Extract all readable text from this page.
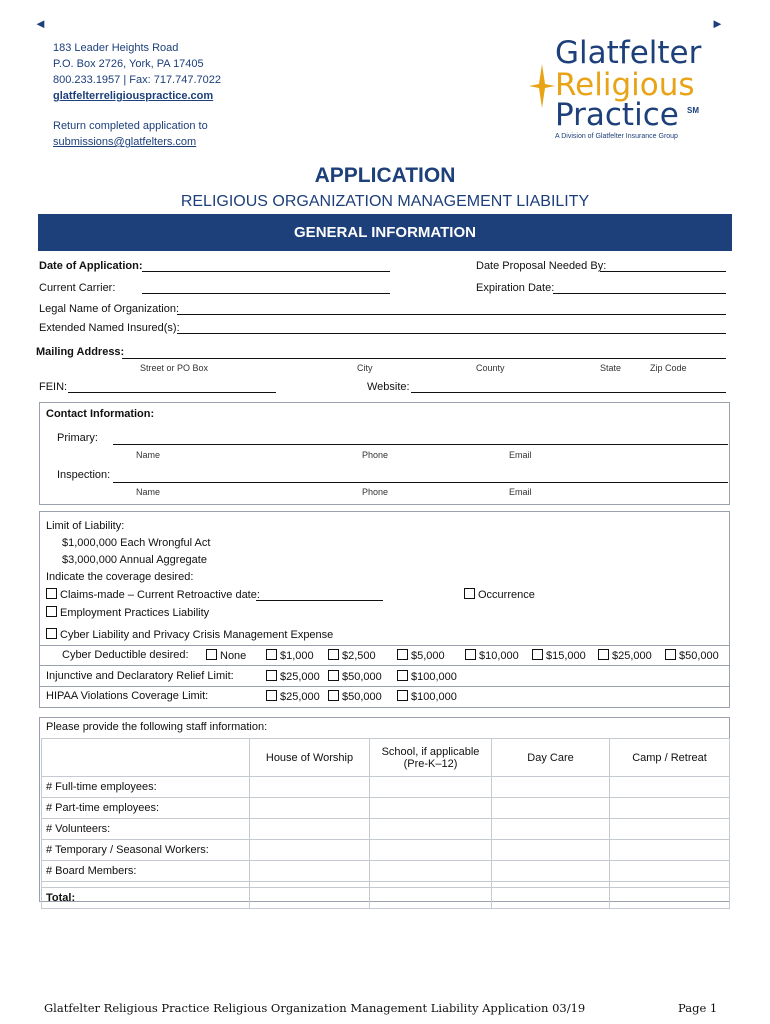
◄	►
183 Leader Heights Road
P.O. Box 2726, York, PA 17405
800.233.1957 | Fax: 717.747.7022
glatfelterreligiouspractice.com
Return completed application to
submissions@glatfelters.com
Glatfelter
Religious
Practice SM
A Division of Glatfelter Insurance Group
APPLICATION
RELIGIOUS ORGANIZATION MANAGEMENT LIABILITY
GENERAL INFORMATION
Date of Application:	Date Proposal Needed By:
Current Carrier:	Expiration Date:
Legal Name of Organization:
Extended Named Insured(s):
Mailing Address:
Street or PO Box	City	County	State	Zip Code
FEIN:	Website:
Contact Information:
Primary:
Name	Phone	Email
Inspection:
Name	Phone	Email
Limit of Liability:
$1,000,000 Each Wrongful Act
$3,000,000 Annual Aggregate
Indicate the coverage desired:
Claims-made – Current Retroactive date:	Occurrence
Employment Practices Liability
Cyber Liability and Privacy Crisis Management Expense
Cyber Deductible desired:	None	$1,000	$2,500	$5,000	$10,000	$15,000	$25,000	$50,000
Injunctive and Declaratory Relief Limit:	$25,000	$50,000	$100,000
HIPAA Violations Coverage Limit:	$25,000	$50,000	$100,000
Please provide the following staff information:
	House of Worship	School, if applicable (Pre-K–12)	Day Care	Camp / Retreat
# Full-time employees:				
# Part-time employees:				
# Volunteers:				
# Temporary / Seasonal Workers:				
# Board Members:				

Total:				
Glatfelter Religious Practice Religious Organization Management Liability Application 03/19	Page 1
